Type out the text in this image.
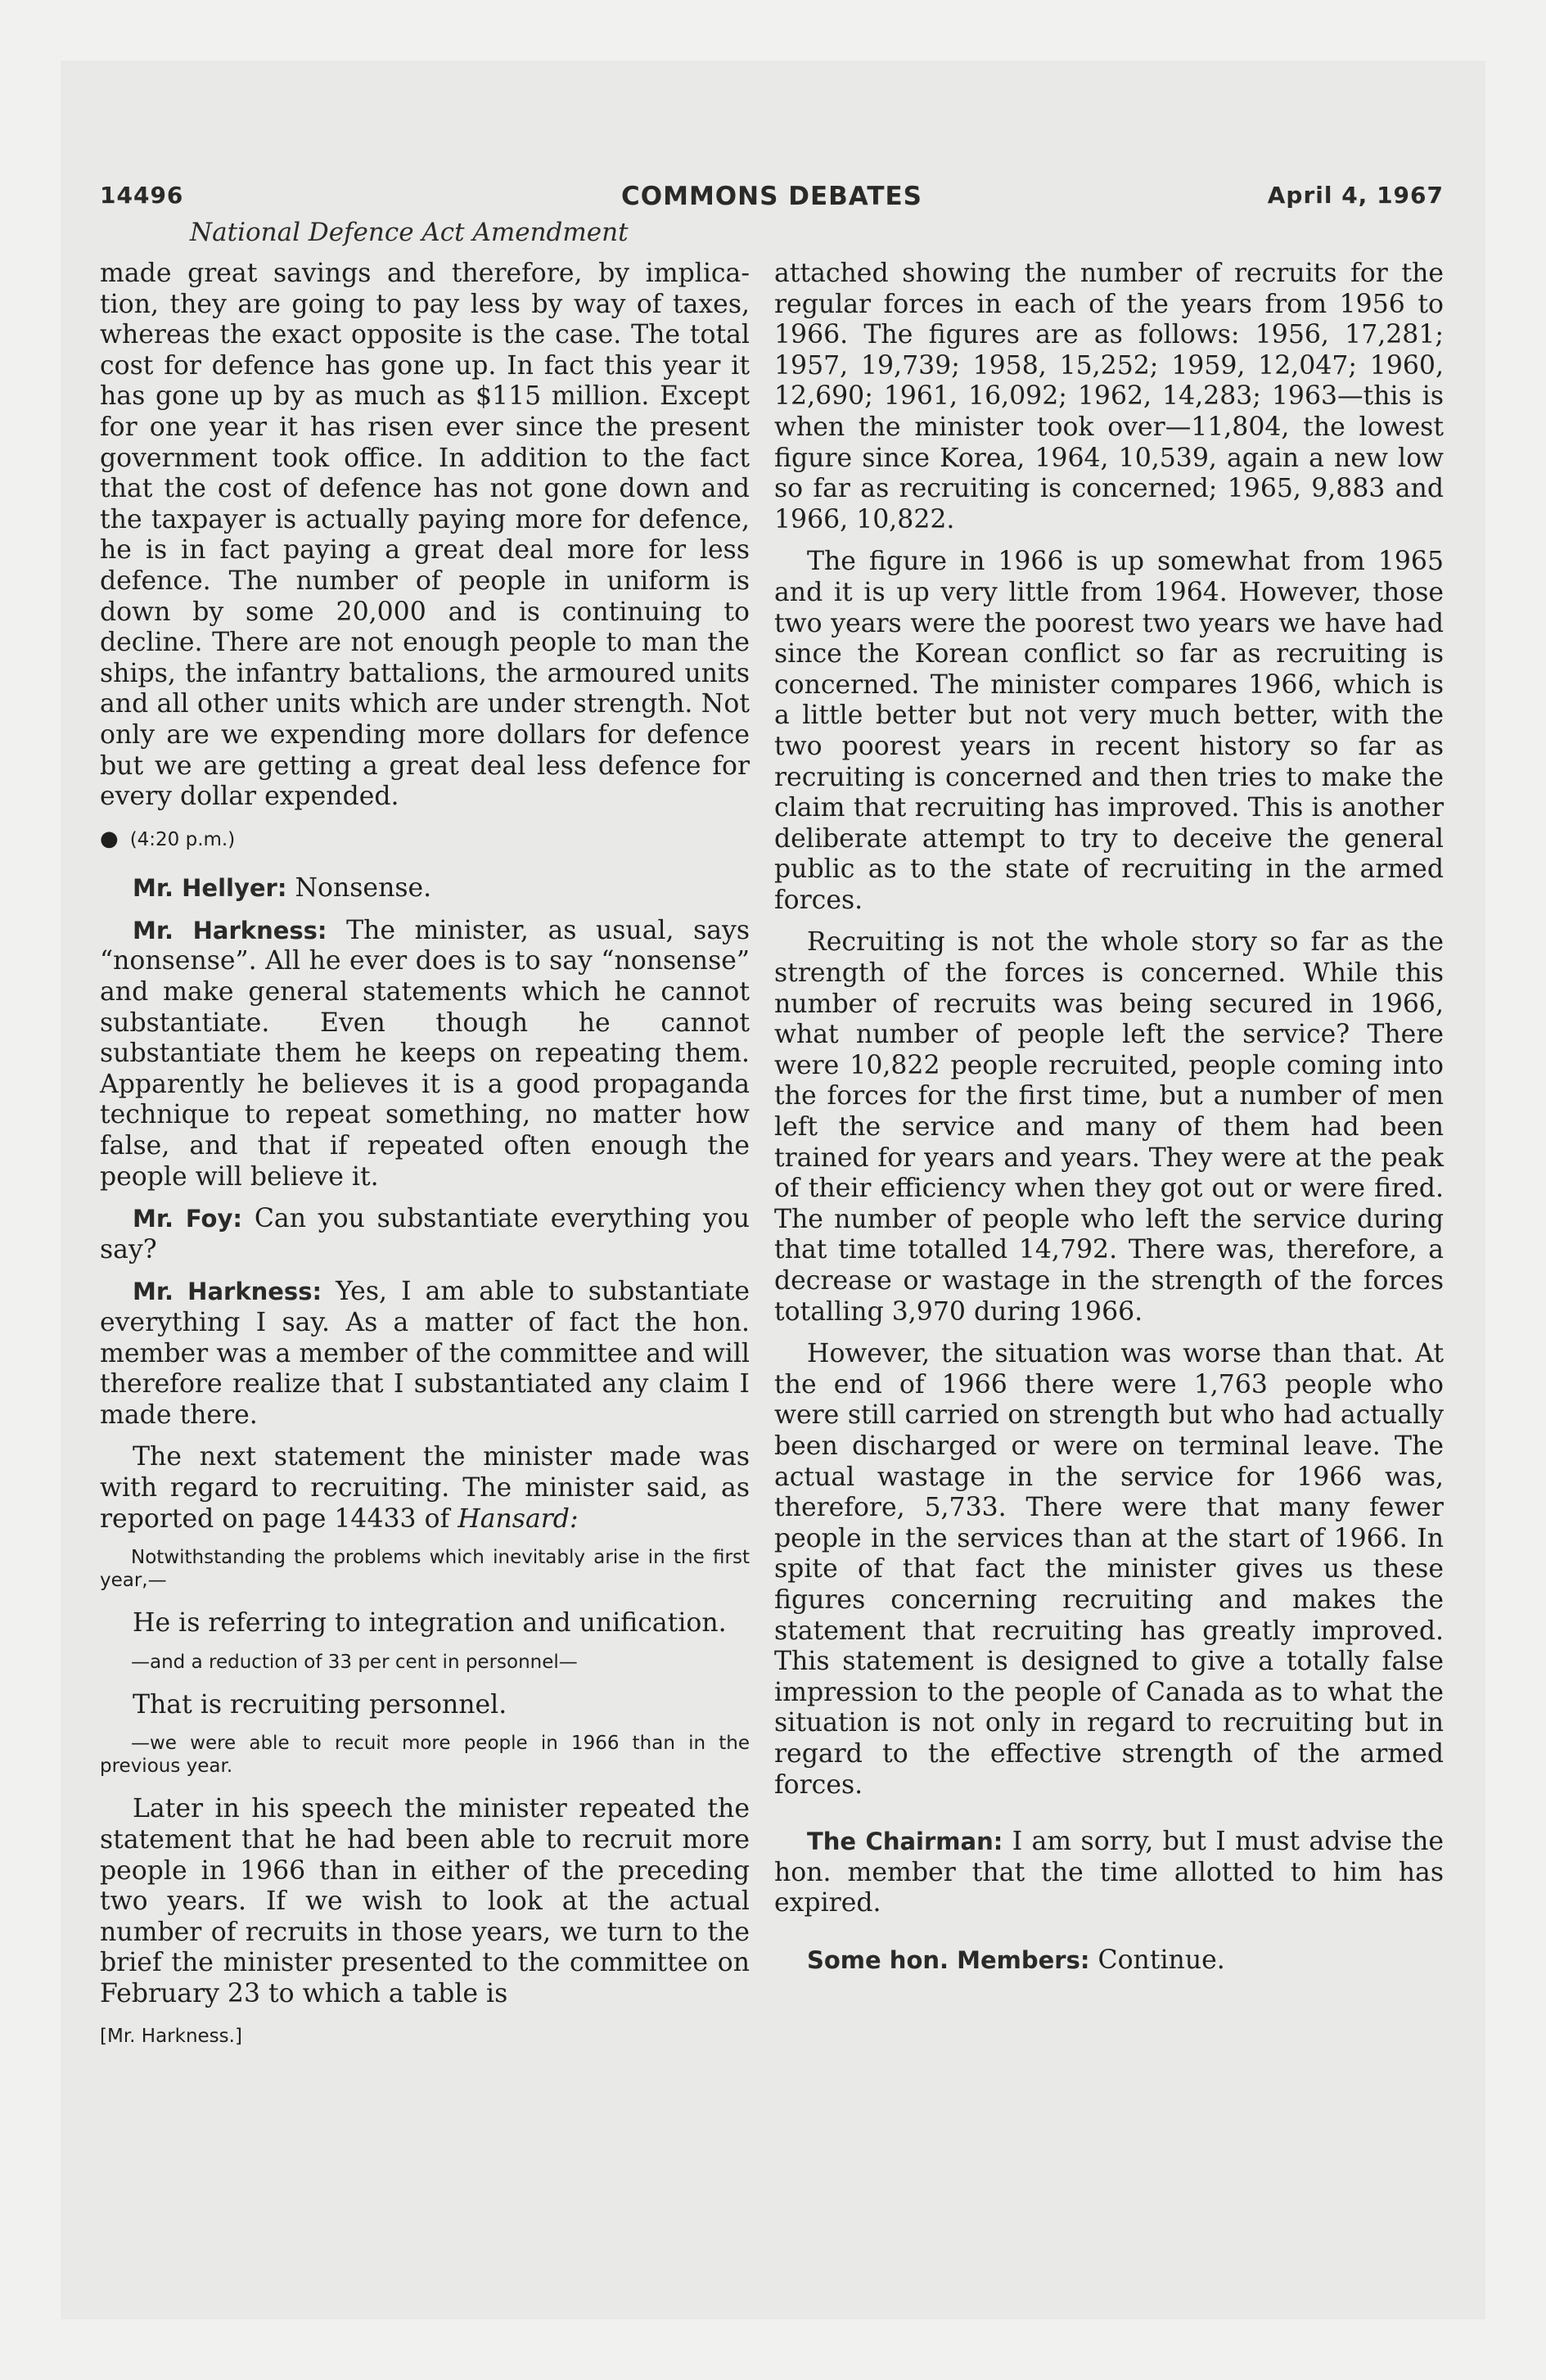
14496	COMMONS DEBATES	April 4, 1967
National Defence Act Amendment

made great savings and therefore, by implication, they are going to pay less by way of taxes, whereas the exact opposite is the case. The total cost for defence has gone up. In fact this year it has gone up by as much as $115 million. Except for one year it has risen ever since the present government took office. In addition to the fact that the cost of defence has not gone down and the taxpayer is actually paying more for defence, he is in fact paying a great deal more for less defence. The number of people in uniform is down by some 20,000 and is continuing to decline. There are not enough people to man the ships, the infantry battalions, the armoured units and all other units which are under strength. Not only are we expending more dollars for defence but we are getting a great deal less defence for every dollar expended.

● (4:20 p.m.)

Mr. Hellyer: Nonsense.

Mr. Harkness: The minister, as usual, says “nonsense”. All he ever does is to say “nonsense” and make general statements which he cannot substantiate. Even though he cannot substantiate them he keeps on repeating them. Apparently he believes it is a good propaganda technique to repeat something, no matter how false, and that if repeated often enough the people will believe it.

Mr. Foy: Can you substantiate everything you say?

Mr. Harkness: Yes, I am able to substantiate everything I say. As a matter of fact the hon. member was a member of the committee and will therefore realize that I substantiated any claim I made there.

The next statement the minister made was with regard to recruiting. The minister said, as reported on page 14433 of Hansard:

Notwithstanding the problems which inevitably arise in the first year,—

He is referring to integration and unification.

—and a reduction of 33 per cent in personnel—

That is recruiting personnel.

—we were able to recuit more people in 1966 than in the previous year.

Later in his speech the minister repeated the statement that he had been able to recruit more people in 1966 than in either of the preceding two years. If we wish to look at the actual number of recruits in those years, we turn to the brief the minister presented to the committee on February 23 to which a table is

[Mr. Harkness.]

attached showing the number of recruits for the regular forces in each of the years from 1956 to 1966. The figures are as follows: 1956, 17,281; 1957, 19,739; 1958, 15,252; 1959, 12,047; 1960, 12,690; 1961, 16,092; 1962, 14,283; 1963—this is when the minister took over—11,804, the lowest figure since Korea, 1964, 10,539, again a new low so far as recruiting is concerned; 1965, 9,883 and 1966, 10,822.

The figure in 1966 is up somewhat from 1965 and it is up very little from 1964. However, those two years were the poorest two years we have had since the Korean conflict so far as recruiting is concerned. The minister compares 1966, which is a little better but not very much better, with the two poorest years in recent history so far as recruiting is concerned and then tries to make the claim that recruiting has improved. This is another deliberate attempt to try to deceive the general public as to the state of recruiting in the armed forces.

Recruiting is not the whole story so far as the strength of the forces is concerned. While this number of recruits was being secured in 1966, what number of people left the service? There were 10,822 people recruited, people coming into the forces for the first time, but a number of men left the service and many of them had been trained for years and years. They were at the peak of their efficiency when they got out or were fired. The number of people who left the service during that time totalled 14,792. There was, therefore, a decrease or wastage in the strength of the forces totalling 3,970 during 1966.

However, the situation was worse than that. At the end of 1966 there were 1,763 people who were still carried on strength but who had actually been discharged or were on terminal leave. The actual wastage in the service for 1966 was, therefore, 5,733. There were that many fewer people in the services than at the start of 1966. In spite of that fact the minister gives us these figures concerning recruiting and makes the statement that recruiting has greatly improved. This statement is designed to give a totally false impression to the people of Canada as to what the situation is not only in regard to recruiting but in regard to the effective strength of the armed forces.

The Chairman: I am sorry, but I must advise the hon. member that the time allotted to him has expired.

Some hon. Members: Continue.
